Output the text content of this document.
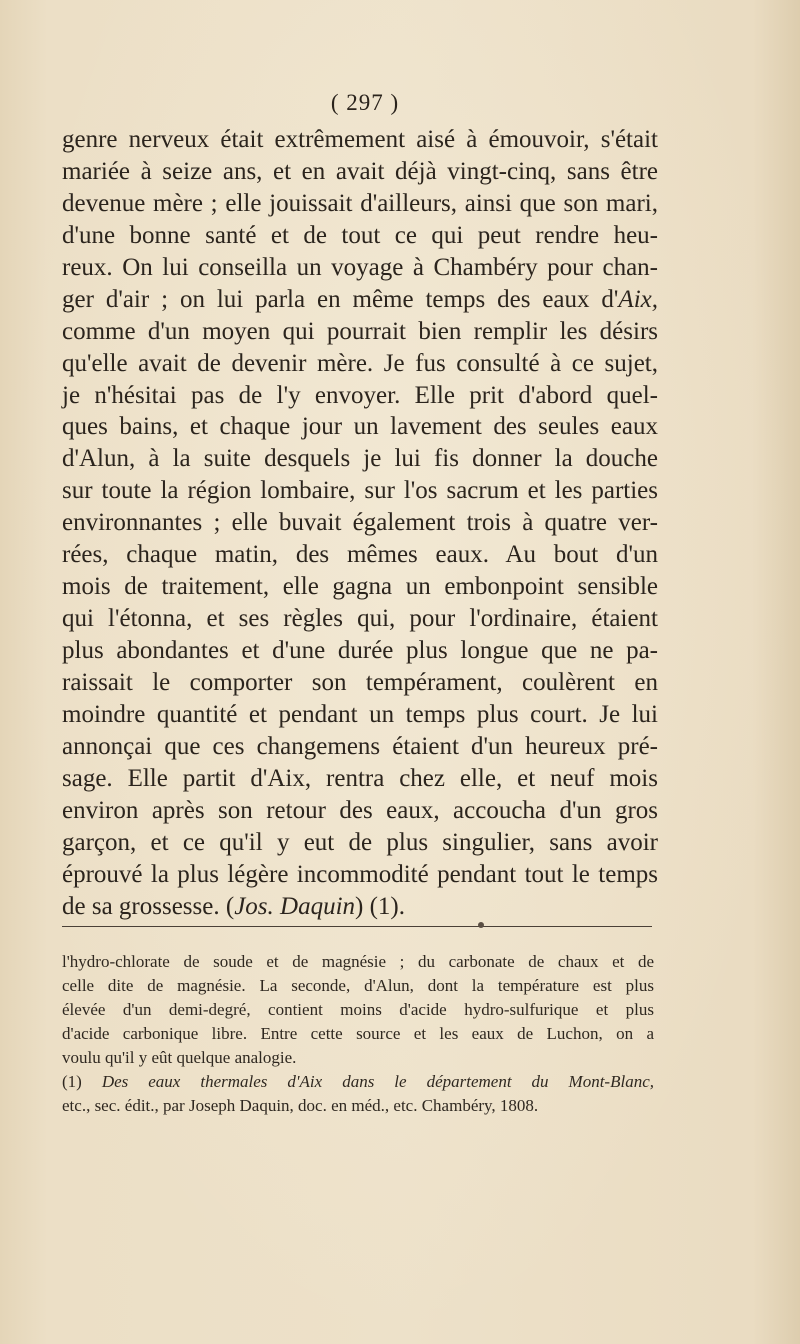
( 297 )
genre nerveux était extrêmement aisé à émouvoir, s'était
mariée à seize ans, et en avait déjà vingt-cinq, sans être
devenue mère ; elle jouissait d'ailleurs, ainsi que son mari,
d'une bonne santé et de tout ce qui peut rendre heu-
reux. On lui conseilla un voyage à Chambéry pour chan-
ger d'air ; on lui parla en même temps des eaux d'Aix,
comme d'un moyen qui pourrait bien remplir les désirs
qu'elle avait de devenir mère. Je fus consulté à ce sujet,
je n'hésitai pas de l'y envoyer. Elle prit d'abord quel-
ques bains, et chaque jour un lavement des seules eaux
d'Alun, à la suite desquels je lui fis donner la douche
sur toute la région lombaire, sur l'os sacrum et les parties
environnantes ; elle buvait également trois à quatre ver-
rées, chaque matin, des mêmes eaux. Au bout d'un
mois de traitement, elle gagna un embonpoint sensible
qui l'étonna, et ses règles qui, pour l'ordinaire, étaient
plus abondantes et d'une durée plus longue que ne pa-
raissait le comporter son tempérament, coulèrent en
moindre quantité et pendant un temps plus court. Je lui
annonçai que ces changemens étaient d'un heureux pré-
sage. Elle partit d'Aix, rentra chez elle, et neuf mois
environ après son retour des eaux, accoucha d'un gros
garçon, et ce qu'il y eut de plus singulier, sans avoir
éprouvé la plus légère incommodité pendant tout le temps
de sa grossesse. (Jos. Daquin) (1).
l'hydro-chlorate de soude et de magnésie ; du carbonate de chaux et de
celle dite de magnésie. La seconde, d'Alun, dont la température est plus
élevée d'un demi-degré, contient moins d'acide hydro-sulfurique et plus
d'acide carbonique libre. Entre cette source et les eaux de Luchon, on a
voulu qu'il y eût quelque analogie.
(1) Des eaux thermales d'Aix dans le département du Mont-Blanc,
etc., sec. édit., par Joseph Daquin, doc. en méd., etc. Chambéry, 1808.
